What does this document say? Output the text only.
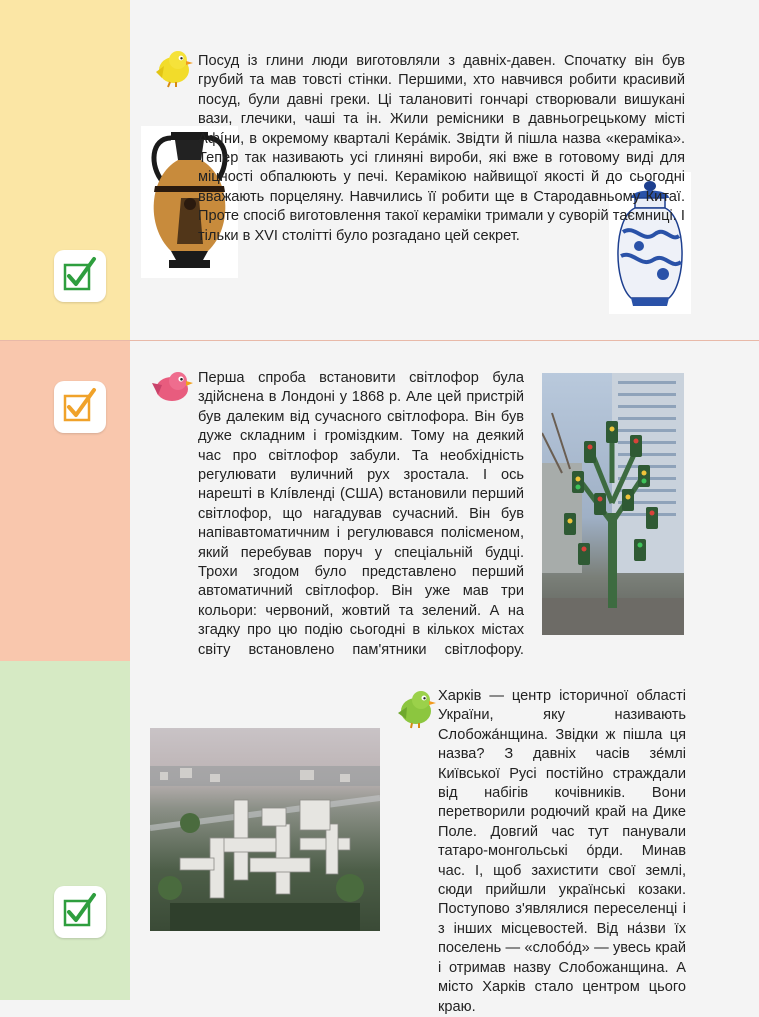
Посуд із глини люди виготовляли з давніх-давен. Спочатку він був грубий та мав товсті стінки. Першими, хто навчився робити красивий посуд, були давні греки. Ці талановиті гончарі створювали вишукані вази, глечики, чаші та ін. Жили ремісники в давньогрецькому місті Афíни, в окремому кварталі Кера́мік. Звідти й пішла назва «кераміка». Тепер так називають усі глиняні вироби, які вже в готовому виді для міцності обпалюють у печі. Керамікою найвищої якості й до сьогодні вважають порцеляну. Навчились її робити ще в Стародавньому Китаї. Проте спосіб виготовлення такої кераміки тримали у суворій таємниці. І тільки в XVI столітті було розгадано цей секрет.
Перша спроба встановити світлофор була здійснена в Лондоні у 1868 р. Але цей пристрій був далеким від сучасного світлофора. Він був дуже складним і громіздким. Тому на деякий час про світлофор забули. Та необхідність регулювати вуличний рух зростала. І ось нарешті в Клíвленді (США) встановили перший світлофор, що нагадував сучасний. Він був напівавтоматичним і регулювався полісменом, який перебував поруч у спеціальній будці. Трохи згодом було представлено перший автоматичний світлофор. Він уже мав три кольори: червоний, жовтий та зелений. А на згадку про цю подію сьогодні в кількох містах світу встановлено пам'ятники світлофору.
Харків — центр історичної області України, яку називають Слобожа́нщина. Звідки ж пішла ця назва? З давніх часів зе́млі Київської Русі постійно страждали від набігів кочівників. Вони перетворили родючий край на Дике Поле. Довгий час тут панували татаро-монгольські о́рди. Минав час. І, щоб захистити свої землі, сюди прийшли українські козаки. Поступово з'являлися переселенці і з інших місцевостей. Від на́зви їх поселень — «слобо́д» — увесь край і отримав назву Слобожанщина. А місто Харків стало центром цього краю.
